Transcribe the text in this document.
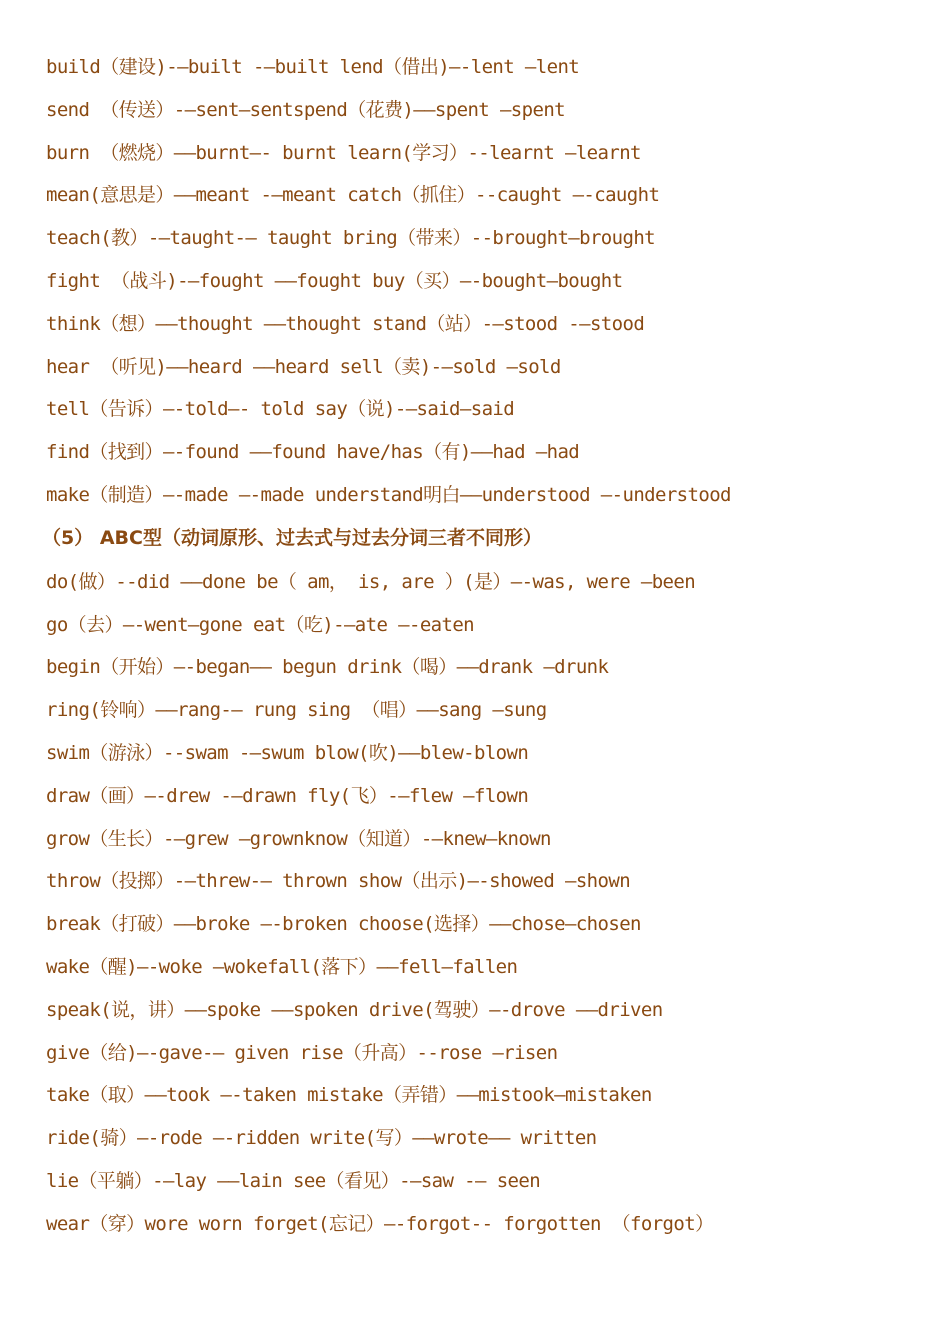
build（建设)-—built -—built lend（借出)—-lent –lent
send （传送）-—sent—sentspend（花费)——spent –spent
burn （燃烧）——burnt—- burnt learn(学习）--learnt –learnt
mean(意思是）——meant -—meant catch（抓住）--caught —-caught
teach(教）-—taught-— taught bring（带来）--brought—brought
fight （战斗)-—fought ——fought buy（买）—-bought—bought
think（想）——thought ——thought stand（站）-—stood -—stood
hear （听见)——heard ——heard sell（卖)-—sold –sold
tell（告诉）—-told—- told say（说)-—said—said
find（找到）—-found ——found have/has（有)——had –had
make（制造）—-made —-made understand明白——understood —-understood
（5） ABC型（动词原形、过去式与过去分词三者不同形）
do(做）--did ——done be（ am， is, are ）(是）—-was, were –been
go（去）—-went—gone eat（吃)-—ate —-eaten
begin（开始）—-began—— begun drink（喝）——drank –drunk
ring(铃响）——rang-— rung sing （唱）——sang –sung
swim（游泳）--swam -—swum blow(吹)——blew-blown
draw（画）—-drew -—drawn fly(飞）-—flew –flown
grow（生长）-—grew –grownknow（知道）-—knew—known
throw（投掷）-—threw-— thrown show（出示)—-showed –shown
break（打破）——broke —-broken choose(选择）——chose—chosen
wake（醒)—-woke –wokefall(落下）——fell—fallen
speak(说，讲）——spoke ——spoken drive(驾驶）—-drove ——driven
give（给)—-gave-— given rise（升高）--rose –risen
take（取）——took —-taken mistake（弄错）——mistook—mistaken
ride(骑）—-rode —-ridden write(写）——wrote—— written
lie（平躺）-—lay ——lain see（看见）-—saw -— seen
wear（穿）wore worn forget(忘记）—-forgot-- forgotten （forgot）
